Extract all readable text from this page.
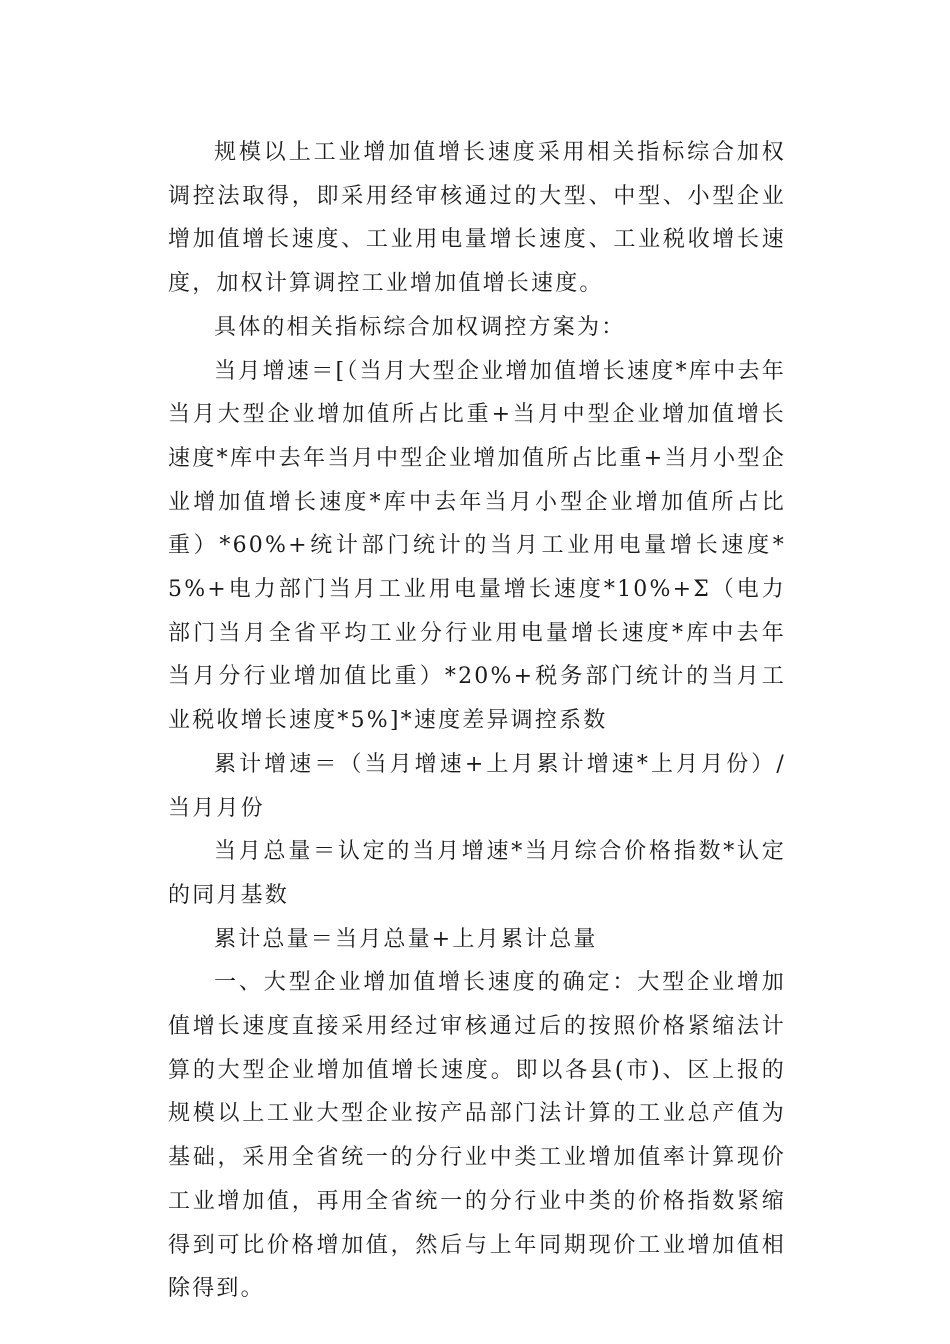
规模以上工业增加值增长速度采用相关指标综合加权调控法取得，即采用经审核通过的大型、中型、小型企业增加值增长速度、工业用电量增长速度、工业税收增长速度，加权计算调控工业增加值增长速度。

具体的相关指标综合加权调控方案为：

当月增速＝[（当月大型企业增加值增长速度*库中去年当月大型企业增加值所占比重+当月中型企业增加值增长速度*库中去年当月中型企业增加值所占比重+当月小型企业增加值增长速度*库中去年当月小型企业增加值所占比重）*60%+统计部门统计的当月工业用电量增长速度*5%+电力部门当月工业用电量增长速度*10%+Σ（电力部门当月全省平均工业分行业用电量增长速度*库中去年当月分行业增加值比重）*20%+税务部门统计的当月工业税收增长速度*5%]*速度差异调控系数

累计增速＝（当月增速+上月累计增速*上月月份）/当月月份

当月总量＝认定的当月增速*当月综合价格指数*认定的同月基数

累计总量＝当月总量+上月累计总量

一、大型企业增加值增长速度的确定：大型企业增加值增长速度直接采用经过审核通过后的按照价格紧缩法计算的大型企业增加值增长速度。即以各县(市)、区上报的规模以上工业大型企业按产品部门法计算的工业总产值为基础，采用全省统一的分行业中类工业增加值率计算现价工业增加值，再用全省统一的分行业中类的价格指数紧缩得到可比价格增加值，然后与上年同期现价工业增加值相除得到。
